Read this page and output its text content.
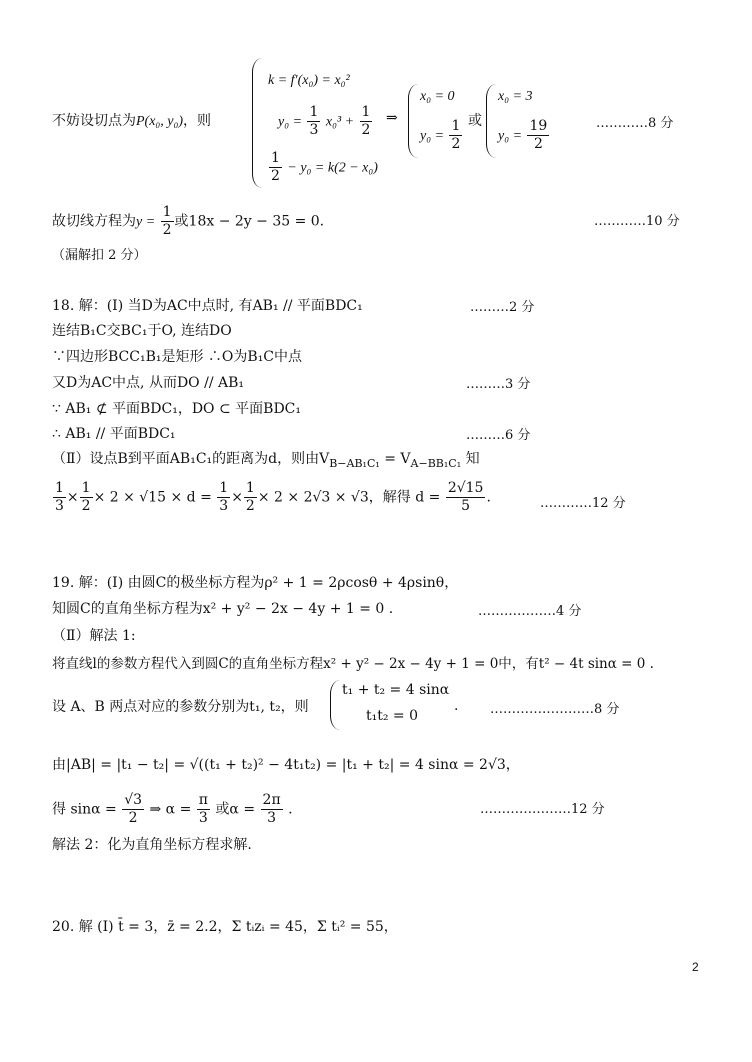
不妨设切点为P(x₀, y₀)，则
k = f′(x₀) = x₀²
$y_0 = \frac{1}{3} x_0^3 + \frac{1}{2}$
$\frac{1}{2} - y_0 = k(2 - x_0)$
⇒
x₀ = 0
$y_0 = \frac{1}{2}$ 或
x₀ = 3
$y_0 = \frac{19}{2}$	…………8 分
故切线方程为$y = \frac{1}{2}$ 或18x − 2y − 35 = 0.	…………10 分
（漏解扣 2 分）
18. 解：(Ⅰ) 当D为AC中点时, 有AB₁ // 平面BDC₁	………2 分
连结B₁C交BC₁于O, 连结DO
∵四边形BCC₁B₁是矩形 ∴O为B₁C中点
又D为AC中点, 从而DO // AB₁	………3 分
∵ AB₁ ⊄ 平面BDC₁，DO ⊂ 平面BDC₁
∴ AB₁ // 平面BDC₁	………6 分
（Ⅱ）设点B到平面AB₁C₁的距离为d，则由$V_{B-AB_1C_1} = V_{A-BB_1C_1}$ 知
$\frac{1}{3} \times \frac{1}{2} \times 2 \times √15 \times d = \frac{1}{3} \times \frac{1}{2} \times 2 \times 2√3 \times √3$，解得 $d = \frac{2√15}{5}$ .	…………12 分
19. 解：(Ⅰ) 由圆C的极坐标方程为ρ² + 1 = 2ρcosθ + 4ρsinθ，
知圆C的直角坐标方程为x² + y² − 2x − 4y + 1 = 0 .	………………4 分
（Ⅱ）解法 1:
将直线l的参数方程代入到圆C的直角坐标方程x² + y² − 2x − 4y + 1 = 0中，有t² − 4t sinα = 0 .
设 A、B 两点对应的参数分别为t₁, t₂，则
t₁ + t₂ = 4 sinα
t₁t₂ = 0
. ……………………8 分
由|AB| = |t₁ − t₂| = √((t₁ + t₂)² − 4t₁t₂) = |t₁ + t₂| = 4 sinα = 2√3，
得 $\sin\alpha = \frac{√3}{2}$ ⇒ $\alpha = \frac{\pi}{3}$ 或$\alpha = \frac{2\pi}{3}$ .	…………………12 分
解法 2：化为直角坐标方程求解.
20. 解 (Ⅰ) t̄ = 3，z̄ = 2.2，Σ tᵢzᵢ = 45，Σ tᵢ² = 55，
2
